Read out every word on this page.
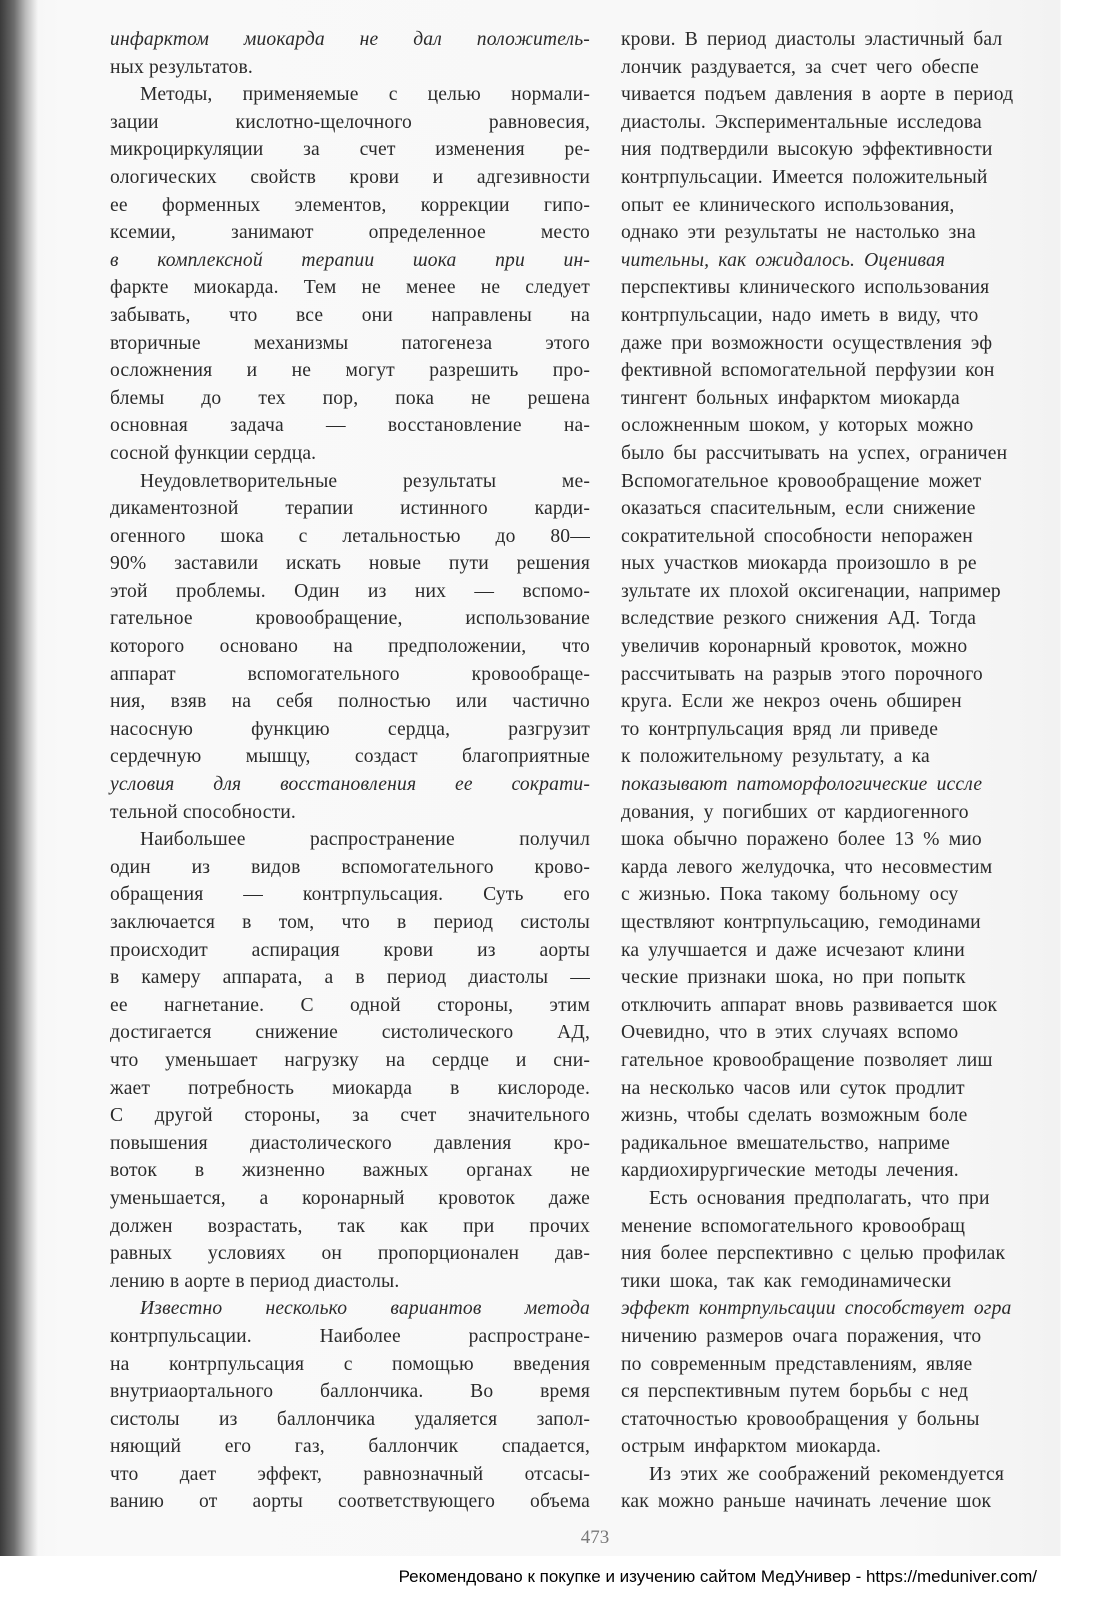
инфарктом миокарда не дал положитель-
ных результатов.
Методы, применяемые с целью нормали-
зации кислотно-щелочного равновесия,
микроциркуляции за счет изменения ре-
ологических свойств крови и адгезивности
ее форменных элементов, коррекции гипо-
ксемии, занимают определенное место
в комплексной терапии шока при ин-
фаркте миокарда. Тем не менее не следует
забывать, что все они направлены на
вторичные механизмы патогенеза этого
осложнения и не могут разрешить про-
блемы до тех пор, пока не решена
основная задача — восстановление на-
сосной функции сердца.
Неудовлетворительные результаты ме-
дикаментозной терапии истинного карди-
огенного шока с летальностью до 80—
90% заставили искать новые пути решения
этой проблемы. Один из них — вспомо-
гательное кровообращение, использование
которого основано на предположении, что
аппарат вспомогательного кровообраще-
ния, взяв на себя полностью или частично
насосную функцию сердца, разгрузит
сердечную мышцу, создаст благоприятные
условия для восстановления ее сократи-
тельной способности.
Наибольшее распространение получил
один из видов вспомогательного крово-
обращения — контрпульсация. Суть его
заключается в том, что в период систолы
происходит аспирация крови из аорты
в камеру аппарата, а в период диастолы —
ее нагнетание. С одной стороны, этим
достигается снижение систолического АД,
что уменьшает нагрузку на сердце и сни-
жает потребность миокарда в кислороде.
С другой стороны, за счет значительного
повышения диастолического давления кро-
воток в жизненно важных органах не
уменьшается, а коронарный кровоток даже
должен возрастать, так как при прочих
равных условиях он пропорционален дав-
лению в аорте в период диастолы.
Известно несколько вариантов метода
контрпульсации. Наиболее распростране-
на контрпульсация с помощью введения
внутриаортального баллончика. Во время
систолы из баллончика удаляется запол-
няющий его газ, баллончик спадается,
что дает эффект, равнозначный отсасы-
ванию от аорты соответствующего объема
крови. В период диастолы эластичный бал
лончик раздувается, за счет чего обеспе
чивается подъем давления в аорте в период
диастолы. Экспериментальные исследова
ния подтвердили высокую эффективности
контрпульсации. Имеется положительный
опыт ее клинического использования,
однако эти результаты не настолько зна
чительны, как ожидалось. Оценивая
перспективы клинического использования
контрпульсации, надо иметь в виду, что
даже при возможности осуществления эф
фективной вспомогательной перфузии кон
тингент больных инфарктом миокарда
осложненным шоком, у которых можно
было бы рассчитывать на успех, ограничен
Вспомогательное кровообращение может
оказаться спасительным, если снижение
сократительной способности непоражен
ных участков миокарда произошло в ре
зультате их плохой оксигенации, например
вследствие резкого снижения АД. Тогда
увеличив коронарный кровоток, можно
рассчитывать на разрыв этого порочного
круга. Если же некроз очень обширен
то контрпульсация вряд ли приведе
к положительному результату, а ка
показывают патоморфологические иссле
дования, у погибших от кардиогенного
шока обычно поражено более 13 % мио
карда левого желудочка, что несовместим
с жизнью. Пока такому больному осу
ществляют контрпульсацию, гемодинами
ка улучшается и даже исчезают клини
ческие признаки шока, но при попытк
отключить аппарат вновь развивается шок
Очевидно, что в этих случаях вспомо
гательное кровообращение позволяет лиш
на несколько часов или суток продлит
жизнь, чтобы сделать возможным боле
радикальное вмешательство, наприме
кардиохирургические методы лечения.
Есть основания предполагать, что при
менение вспомогательного кровообращ
ния более перспективно с целью профилак
тики шока, так как гемодинамически
эффект контрпульсации способствует огра
ничению размеров очага поражения, что
по современным представлениям, являе
ся перспективным путем борьбы с нед
статочностью кровообращения у больны
острым инфарктом миокарда.
Из этих же соображений рекомендуется
как можно раньше начинать лечение шок
473
Рекомендовано к покупке и изучению сайтом МедУнивер - https://meduniver.com/
